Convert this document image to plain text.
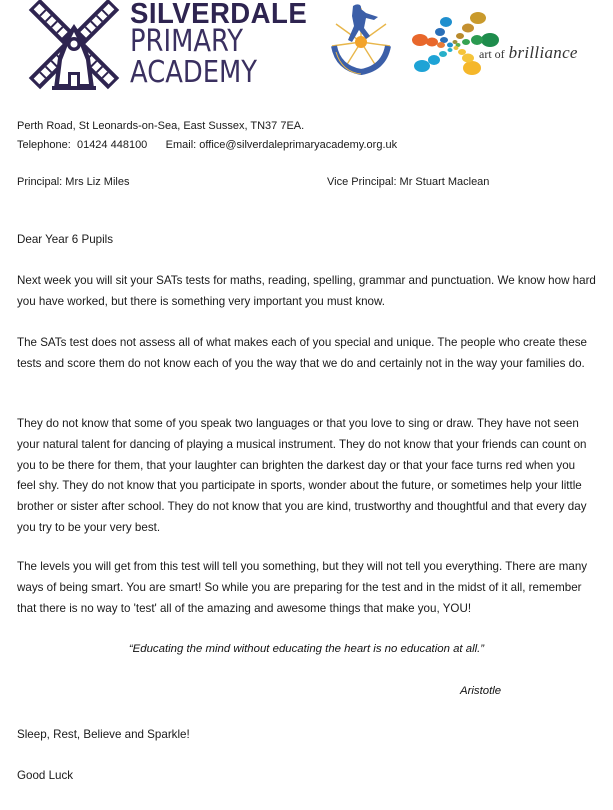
SILVERDALE
PRIMARY
ACADEMY
art of brilliance
Perth Road, St Leonards-on-Sea, East Sussex, TN37 7EA.
Telephone: 01424 448100 Email: office@silverdaleprimaryacademy.org.uk
Principal: Mrs Liz Miles	Vice Principal: Mr Stuart Maclean
Dear Year 6 Pupils
Next week you will sit your SATs tests for maths, reading, spelling, grammar and punctuation. We know how hard you have worked, but there is something very important you must know.
The SATs test does not assess all of what makes each of you special and unique. The people who create these tests and score them do not know each of you the way that we do and certainly not in the way your families do.
They do not know that some of you speak two languages or that you love to sing or draw. They have not seen your natural talent for dancing of playing a musical instrument. They do not know that your friends can count on you to be there for them, that your laughter can brighten the darkest day or that your face turns red when you feel shy. They do not know that you participate in sports, wonder about the future, or sometimes help your little brother or sister after school. They do not know that you are kind, trustworthy and thoughtful and that every day you try to be your very best.
The levels you will get from this test will tell you something, but they will not tell you everything. There are many ways of being smart. You are smart! So while you are preparing for the test and in the midst of it all, remember that there is no way to 'test' all of the amazing and awesome things that make you, YOU!
“Educating the mind without educating the heart is no education at all.”
Aristotle
Sleep, Rest, Believe and Sparkle!
Good Luck
